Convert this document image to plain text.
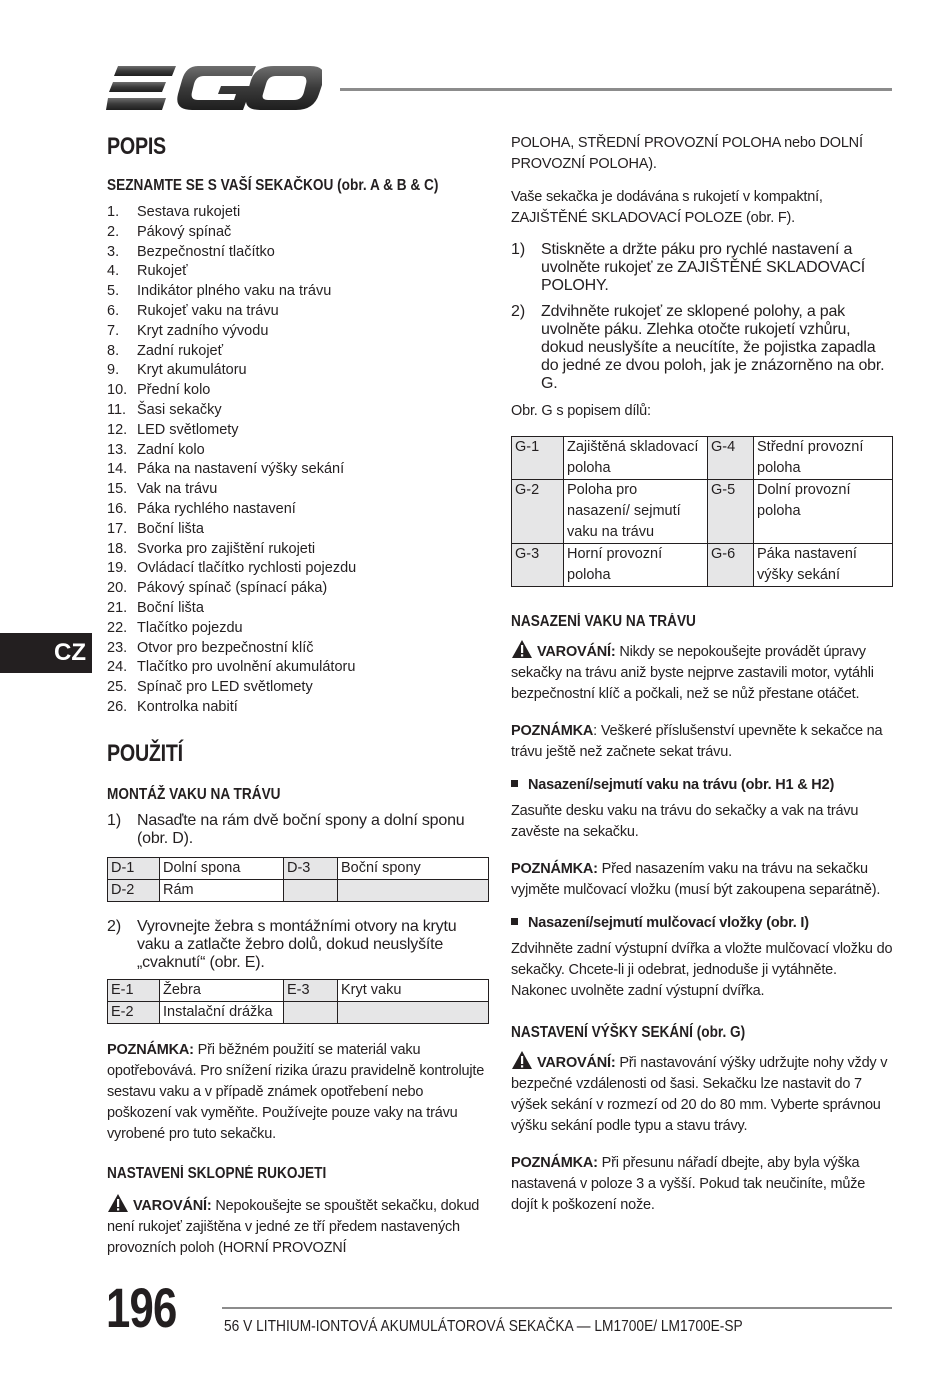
CZ
POPIS
SEZNAMTE SE S VAŠÍ SEKAČKOU (obr. A & B & C)
1.	Sestava rukojeti
2.	Pákový spínač
3.	Bezpečnostní tlačítko
4.	Rukojeť
5.	Indikátor plného vaku na trávu
6.	Rukojeť vaku na trávu
7.	Kryt zadního vývodu
8.	Zadní rukojeť
9.	Kryt akumulátoru
10. Přední kolo
11. Šasi sekačky
12. LED světlomety
13. Zadní kolo
14. Páka na nastavení výšky sekání
15. Vak na trávu
16. Páka rychlého nastavení
17. Boční lišta
18. Svorka pro zajištění rukojeti
19. Ovládací tlačítko rychlosti pojezdu
20. Pákový spínač (spínací páka)
21. Boční lišta
22. Tlačítko pojezdu
23. Otvor pro bezpečnostní klíč
24. Tlačítko pro uvolnění akumulátoru
25. Spínač pro LED světlomety
26. Kontrolka nabití
POUŽITÍ
MONTÁŽ VAKU NA TRÁVU
1) Nasaďte na rám dvě boční spony a dolní sponu (obr. D).
D-1	Dolní spona	D-3	Boční spony
D-2	Rám		
2) Vyrovnejte žebra s montážními otvory na krytu vaku a zatlačte žebro dolů, dokud neuslyšíte „cvaknutí“ (obr. E).
E-1	Žebra	E-3	Kryt vaku
E-2	Instalační drážka		

POZNÁMKA: Při běžném použití se materiál vaku opotřebovává. Pro snížení rizika úrazu pravidelně kontrolujte sestavu vaku a v případě známek opotřebení nebo poškození vak vyměňte. Používejte pouze vaky na trávu vyrobené pro tuto sekačku.

NASTAVENÍ SKLOPNÉ RUKOJETI

VAROVÁNÍ: Nepokoušejte se spouštět sekačku, dokud není rukojeť zajištěna v jedné ze tří předem nastavených provozních poloh (HORNÍ PROVOZNÍ

POLOHA, STŘEDNÍ PROVOZNÍ POLOHA nebo DOLNÍ PROVOZNÍ POLOHA).

Vaše sekačka je dodávána s rukojetí v kompaktní, ZAJIŠTĚNÉ SKLADOVACÍ POLOZE (obr. F).

1) Stiskněte a držte páku pro rychlé nastavení a uvolněte rukojeť ze ZAJIŠTĚNÉ SKLADOVACÍ POLOHY.
2) Zdvihněte rukojeť ze sklopené polohy, a pak uvolněte páku. Zlehka otočte rukojetí vzhůru, dokud neuslyšíte a neucítíte, že pojistka zapadla do jedné ze dvou poloh, jak je znázorněno na obr. G.

Obr. G s popisem dílů:

G-1	Zajištěná skladovací poloha	G-4	Střední provozní poloha
G-2	Poloha pro nasazení/ sejmutí vaku na trávu	G-5	Dolní provozní poloha
G-3	Horní provozní poloha	G-6	Páka nastavení výšky sekání
NASAZENÍ VAKU NA TRÁVU

VAROVÁNÍ: Nikdy se nepokoušejte provádět úpravy sekačky na trávu aniž byste nejprve zastavili motor, vytáhli bezpečnostní klíč a počkali, než se nůž přestane otáčet.

POZNÁMKA: Veškeré příslušenství upevněte k sekačce na trávu ještě než začnete sekat trávu.

Nasazení/sejmutí vaku na trávu (obr. H1 & H2)

Zasuňte desku vaku na trávu do sekačky a vak na trávu zavěste na sekačku.

POZNÁMKA: Před nasazením vaku na trávu na sekačku vyjměte mulčovací vložku (musí být zakoupena separátně).

Nasazení/sejmutí mulčovací vložky (obr. I)

Zdvihněte zadní výstupní dvířka a vložte mulčovací vložku do sekačky. Chcete-li ji odebrat, jednoduše ji vytáhněte. Nakonec uvolněte zadní výstupní dvířka.

NASTAVENÍ VÝŠKY SEKÁNÍ (obr. G)

VAROVÁNÍ: Při nastavování výšky udržujte nohy vždy v bezpečné vzdálenosti od šasi. Sekačku lze nastavit do 7 výšek sekání v rozmezí od 20 do 80 mm. Vyberte správnou výšku sekání podle typu a stavu trávy.

POZNÁMKA: Při přesunu nářadí dbejte, aby byla výška nastavená v poloze 3 a vyšší. Pokud tak neučiníte, může dojít k poškození nože.

196	56 V LITHIUM-IONTOVÁ AKUMULÁTOROVÁ SEKAČKA — LM1700E/ LM1700E-SP
